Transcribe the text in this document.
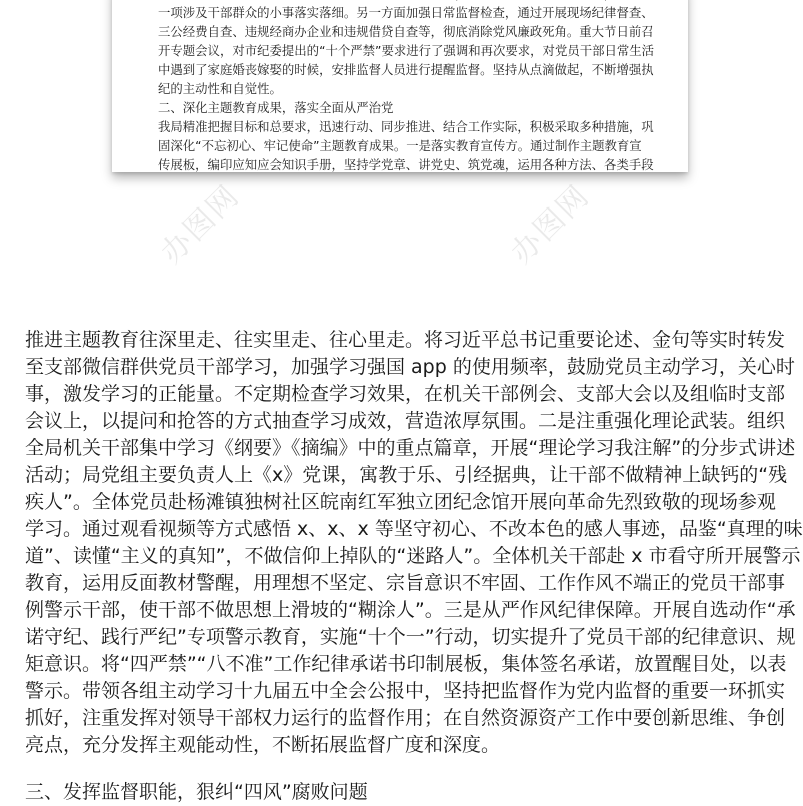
一项涉及干部群众的小事落实落细。另一方面加强日常监督检查，通过开展现场纪律督查、
三公经费自查、违规经商办企业和违规借贷自查等，彻底消除党风廉政死角。重大节日前召
开专题会议，对市纪委提出的“十个严禁”要求进行了强调和再次要求，对党员干部日常生活
中遇到了家庭婚丧嫁娶的时候，安排监督人员进行提醒监督。坚持从点滴做起，不断增强执
纪的主动性和自觉性。
二、深化主题教育成果，落实全面从严治党
我局精准把握目标和总要求，迅速行动、同步推进、结合工作实际，积极采取多种措施，巩
固深化“不忘初心、牢记使命”主题教育成果。一是落实教育宣传方。通过制作主题教育宣
传展板，编印应知应会知识手册，坚持学党章、讲党史、筑党魂，运用各种方法、各类手段
办图网	办图网
推进主题教育往深里走、往实里走、往心里走。将习近平总书记重要论述、金句等实时转发
至支部微信群供党员干部学习，加强学习强国 app 的使用频率，鼓励党员主动学习，关心时
事，激发学习的正能量。不定期检查学习效果，在机关干部例会、支部大会以及组临时支部
会议上，以提问和抢答的方式抽查学习成效，营造浓厚氛围。二是注重强化理论武装。组织
全局机关干部集中学习《纲要》《摘编》中的重点篇章，开展“理论学习我注解”的分步式讲述
活动；局党组主要负责人上《x》党课，寓教于乐、引经据典，让干部不做精神上缺钙的“残
疾人”。全体党员赴杨滩镇独树社区皖南红军独立团纪念馆开展向革命先烈致敬的现场参观
学习。通过观看视频等方式感悟 x、x、x 等坚守初心、不改本色的感人事迹，品鉴“真理的味
道”、读懂“主义的真知”，不做信仰上掉队的“迷路人”。全体机关干部赴 x 市看守所开展警示
教育，运用反面教材警醒，用理想不坚定、宗旨意识不牢固、工作作风不端正的党员干部事
例警示干部，使干部不做思想上滑坡的“糊涂人”。三是从严作风纪律保障。开展自选动作“承
诺守纪、践行严纪”专项警示教育，实施“十个一”行动，切实提升了党员干部的纪律意识、规
矩意识。将“四严禁”“八不准”工作纪律承诺书印制展板，集体签名承诺，放置醒目处，以表
警示。带领各组主动学习十九届五中全会公报中，坚持把监督作为党内监督的重要一环抓实
抓好，注重发挥对领导干部权力运行的监督作用；在自然资源资产工作中要创新思维、争创
亮点，充分发挥主观能动性，不断拓展监督广度和深度。
三、发挥监督职能，狠纠“四风”腐败问题
